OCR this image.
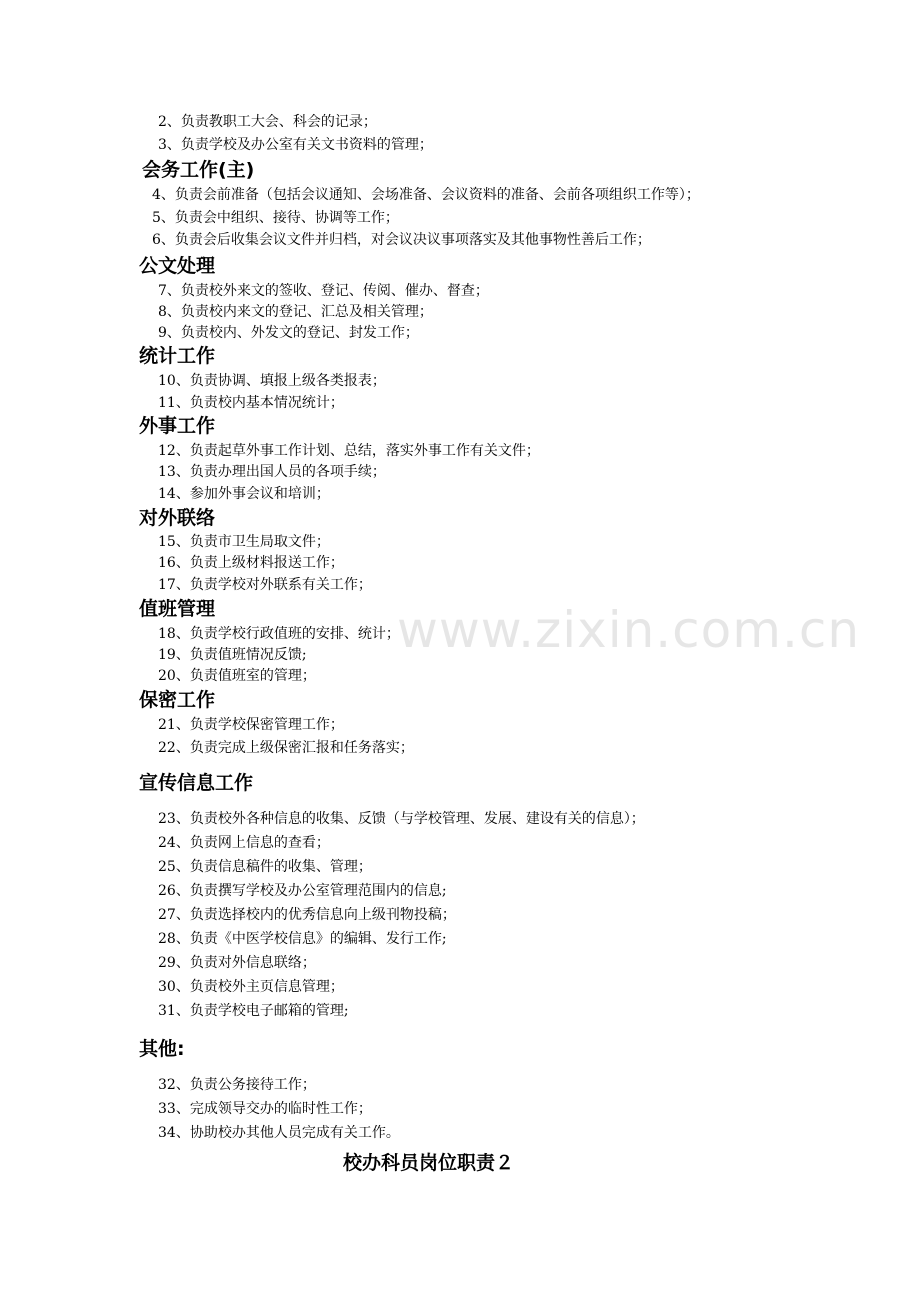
www.zixin.com.cn
2、负责教职工大会、科会的记录；
3、负责学校及办公室有关文书资料的管理；
会务工作(主)
4、负责会前准备（包括会议通知、会场准备、会议资料的准备、会前各项组织工作等）；
5、负责会中组织、接待、协调等工作；
6、负责会后收集会议文件并归档，对会议决议事项落实及其他事物性善后工作；
公文处理
7、负责校外来文的签收、登记、传阅、催办、督查；
8、负责校内来文的登记、汇总及相关管理；
9、负责校内、外发文的登记、封发工作；
统计工作
10、负责协调、填报上级各类报表；
11、负责校内基本情况统计；
外事工作
12、负责起草外事工作计划、总结，落实外事工作有关文件；
13、负责办理出国人员的各项手续；
14、参加外事会议和培训；
对外联络
15、负责市卫生局取文件；
16、负责上级材料报送工作；
17、负责学校对外联系有关工作；
值班管理
18、负责学校行政值班的安排、统计；
19、负责值班情况反馈;
20、负责值班室的管理；
保密工作
21、负责学校保密管理工作；
22、负责完成上级保密汇报和任务落实；
宣传信息工作
23、负责校外各种信息的收集、反馈（与学校管理、发展、建设有关的信息）；
24、负责网上信息的查看；
25、负责信息稿件的收集、管理；
26、负责撰写学校及办公室管理范围内的信息;
27、负责选择校内的优秀信息向上级刊物投稿；
28、负责《中医学校信息》的编辑、发行工作;
29、负责对外信息联络；
30、负责校外主页信息管理；
31、负责学校电子邮箱的管理;
其他:
32、负责公务接待工作；
33、完成领导交办的临时性工作；
34、协助校办其他人员完成有关工作。
校办科员岗位职责２
